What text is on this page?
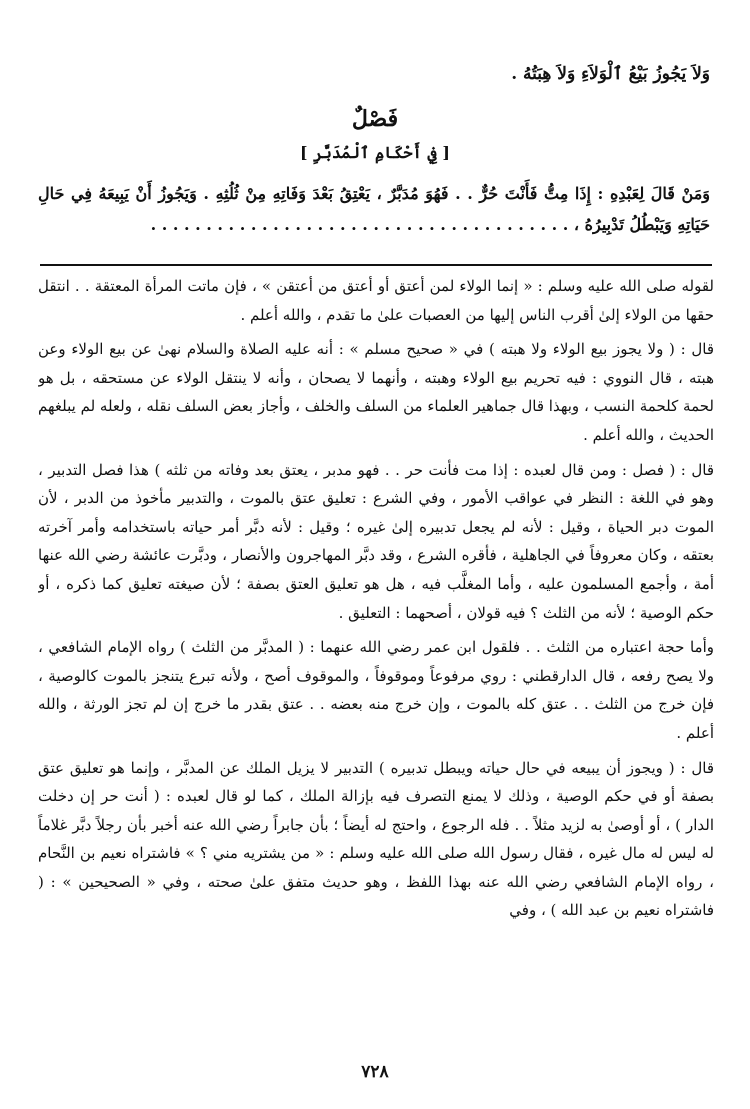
وَلاَ يَجُوزُ بَيْعُ ٱلْوَلاَءِ وَلاَ هِبَتُهُ .
فَصْلٌ
[ فِي أَحْكَامِ ٱلْمُدَبَّرِ ]

وَمَنْ قَالَ لِعَبْدِهِ : إِذَا مِتُّ فَأَنْتَ حُرٌّ . . فَهُوَ مُدَبَّرٌ ، يَعْتِقُ بَعْدَ وَفَاتِهِ مِنْ ثُلُثِهِ . وَيَجُوزُ أَنْ يَبِيعَهُ فِي حَالِ حَيَاتِهِ وَيَبْطُلُ تَدْبِيرُهُ ، . . . . . . . . . . . . . . . . . . . . . . . . . . . . . . . . . . . . . .

لقوله صلى الله عليه وسلم : « إنما الولاء لمن أعتق أو أعتق من أعتقن » ، فإن ماتت المرأة المعتقة . . انتقل حقها من الولاء إلىٰ أقرب الناس إليها من العصبات علىٰ ما تقدم ، والله أعلم .

قال : ( ولا يجوز بيع الولاء ولا هبته ) في « صحيح مسلم » : أنه عليه الصلاة والسلام نهىٰ عن بيع الولاء وعن هبته ، قال النووي : فيه تحريم بيع الولاء وهبته ، وأنهما لا يصحان ، وأنه لا ينتقل الولاء عن مستحقه ، بل هو لحمة كلحمة النسب ، وبهذا قال جماهير العلماء من السلف والخلف ، وأجاز بعض السلف نقله ، ولعله لم يبلغهم الحديث ، والله أعلم .

قال : ( فصل : ومن قال لعبده : إذا مت فأنت حر . . فهو مدبر ، يعتق بعد وفاته من ثلثه ) هذا فصل التدبير ، وهو في اللغة : النظر في عواقب الأمور ، وفي الشرع : تعليق عتق بالموت ، والتدبير مأخوذ من الدبر ، لأن الموت دبر الحياة ، وقيل : لأنه لم يجعل تدبيره إلىٰ غيره ؛ وقيل : لأنه دبَّر أمر حياته باستخدامه وأمر آخرته بعتقه ، وكان معروفاً في الجاهلية ، فأقره الشرع ، وقد دبَّر المهاجرون والأنصار ، ودبَّرت عائشة رضي الله عنها أمة ، وأجمع المسلمون عليه ، وأما المغلَّب فيه ، هل هو تعليق العتق بصفة ؛ لأن صيغته تعليق كما ذكره ، أو حكم الوصية ؛ لأنه من الثلث ؟ فيه قولان ، أصحهما : التعليق .

وأما حجة اعتباره من الثلث . . فلقول ابن عمر رضي الله عنهما : ( المدبَّر من الثلث ) رواه الإمام الشافعي ، ولا يصح رفعه ، قال الدارقطني : روي مرفوعاً وموقوفاً ، والموقوف أصح ، ولأنه تبرع يتنجز بالموت كالوصية ، فإن خرج من الثلث . . عتق كله بالموت ، وإن خرج منه بعضه . . عتق بقدر ما خرج إن لم تجز الورثة ، والله أعلم .

قال : ( ويجوز أن يبيعه في حال حياته ويبطل تدبيره ) التدبير لا يزيل الملك عن المدبَّر ، وإنما هو تعليق عتق بصفة أو في حكم الوصية ، وذلك لا يمنع التصرف فيه بإزالة الملك ، كما لو قال لعبده : ( أنت حر إن دخلت الدار ) ، أو أوصىٰ به لزيد مثلاً . . فله الرجوع ، واحتج له أيضاً ؛ بأن جابراً رضي الله عنه أخبر بأن رجلاً دبَّر غلاماً له ليس له مال غيره ، فقال رسول الله صلى الله عليه وسلم : « من يشتريه مني ؟ » فاشتراه نعيم بن النَّحام ، رواه الإمام الشافعي رضي الله عنه بهذا اللفظ ، وهو حديث متفق علىٰ صحته ، وفي « الصحيحين » : ( فاشتراه نعيم بن عبد الله ) ، وفي

٧٢٨
